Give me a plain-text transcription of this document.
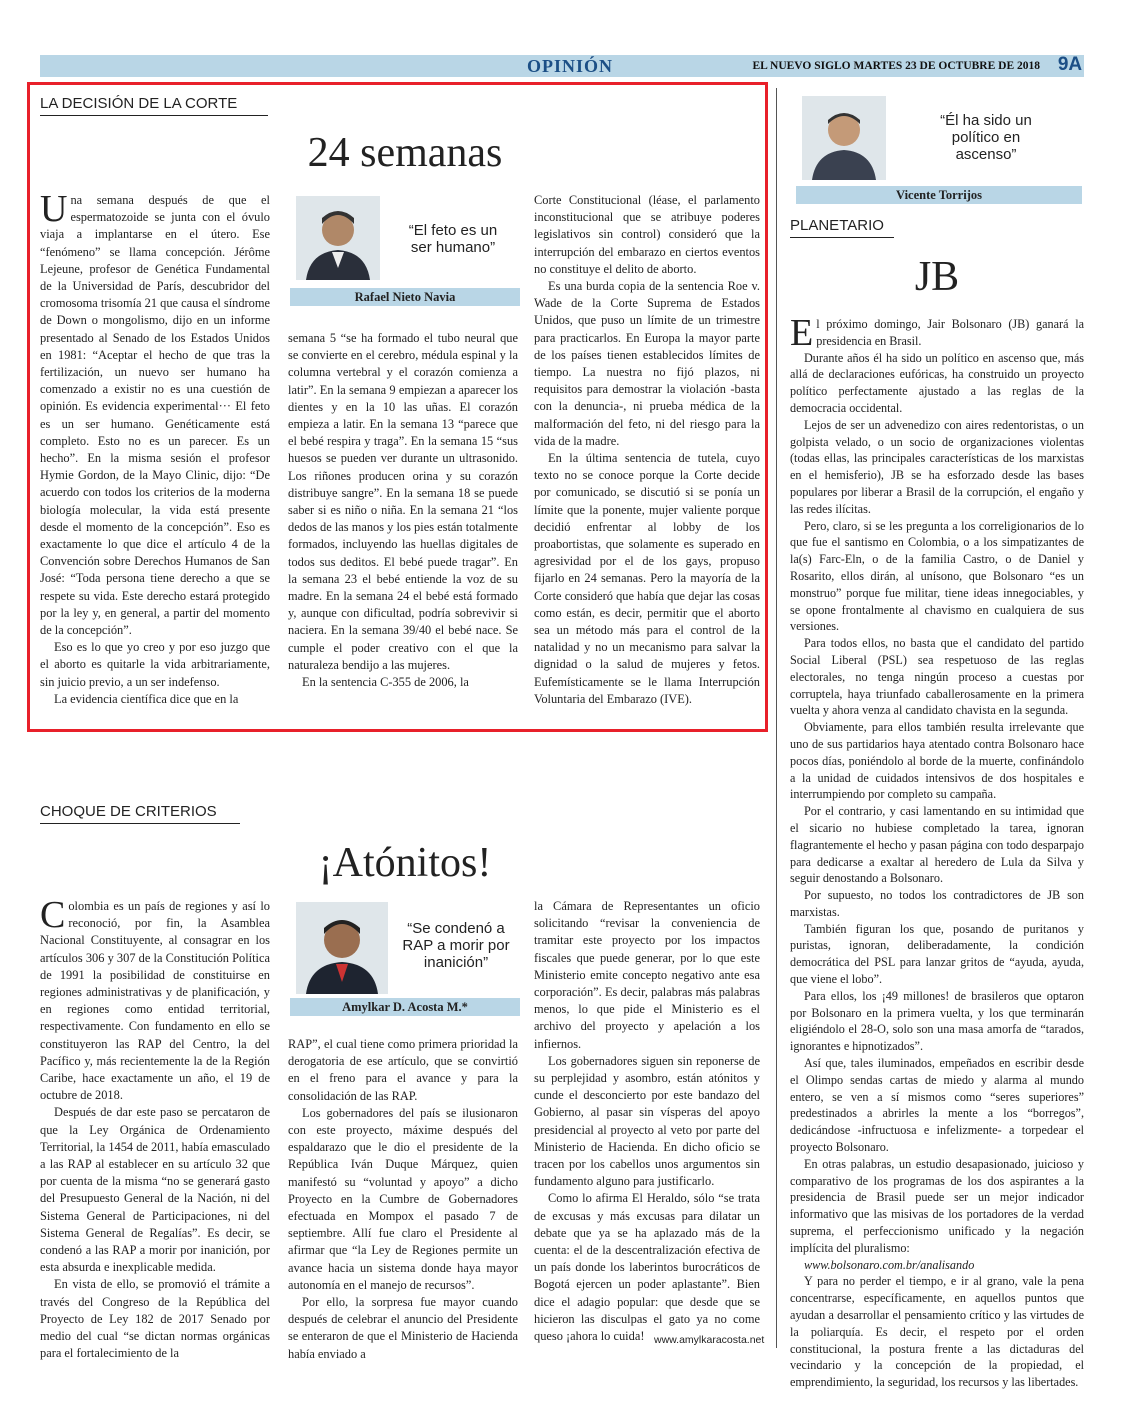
OPINIÓN	EL NUEVO SIGLO MARTES 23 DE OCTUBRE DE 2018 9A
LA DECISIÓN DE LA CORTE
24 semanas

Una semana después de que el espermatozoide se junta con el óvulo viaja a implantarse en el útero. Ese “fenómeno” se llama concepción. Jérôme Lejeune, profesor de Genética Fundamental de la Universidad de París, descubridor del cromosoma trisomía 21 que causa el síndrome de Down o mongolismo, dijo en un informe presentado al Senado de los Estados Unidos en 1981: “Aceptar el hecho de que tras la fertilización, un nuevo ser humano ha comenzado a existir no es una cuestión de opinión. Es evidencia experimental··· El feto es un ser humano. Genéticamente está completo. Esto no es un parecer. Es un hecho”. En la misma sesión el profesor Hymie Gordon, de la Mayo Clinic, dijo: “De acuerdo con todos los criterios de la moderna biología molecular, la vida está presente desde el momento de la concepción”. Eso es exactamente lo que dice el artículo 4 de la Convención sobre Derechos Humanos de San José: “Toda persona tiene derecho a que se respete su vida. Este derecho estará protegido por la ley y, en general, a partir del momento de la concepción”.

Eso es lo que yo creo y por eso juzgo que el aborto es quitarle la vida arbitrariamente, sin juicio previo, a un ser indefenso.

La evidencia científica dice que en la

“El feto es un ser humano”
Rafael Nieto Navia

semana 5 “se ha formado el tubo neural que se convierte en el cerebro, médula espinal y la columna vertebral y el corazón comienza a latir”. En la semana 9 empiezan a aparecer los dientes y en la 10 las uñas. El corazón empieza a latir. En la semana 13 “parece que el bebé respira y traga”. En la semana 15 “sus huesos se pueden ver durante un ultrasonido. Los riñones producen orina y su corazón distribuye sangre”. En la semana 18 se puede saber si es niño o niña. En la semana 21 “los dedos de las manos y los pies están totalmente formados, incluyendo las huellas digitales de todos sus deditos. El bebé puede tragar”. En la semana 23 el bebé entiende la voz de su madre. En la semana 24 el bebé está formado y, aunque con dificultad, podría sobrevivir si naciera. En la semana 39/40 el bebé nace. Se cumple el poder creativo con el que la naturaleza bendijo a las mujeres.

En la sentencia C-355 de 2006, la

Corte Constitucional (léase, el parlamento inconstitucional que se atribuye poderes legislativos sin control) consideró que la interrupción del embarazo en ciertos eventos no constituye el delito de aborto.

Es una burda copia de la sentencia Roe v. Wade de la Corte Suprema de Estados Unidos, que puso un límite de un trimestre para practicarlos. En Europa la mayor parte de los países tienen establecidos límites de tiempo. La nuestra no fijó plazos, ni requisitos para demostrar la violación -basta con la denuncia-, ni prueba médica de la malformación del feto, ni del riesgo para la vida de la madre.

En la última sentencia de tutela, cuyo texto no se conoce porque la Corte decide por comunicado, se discutió si se ponía un límite que la ponente, mujer valiente porque decidió enfrentar al lobby de los proabortistas, que solamente es superado en agresividad por el de los gays, propuso fijarlo en 24 semanas. Pero la mayoría de la Corte consideró que había que dejar las cosas como están, es decir, permitir que el aborto sea un método más para el control de la natalidad y no un mecanismo para salvar la dignidad o la salud de mujeres y fetos. Eufemísticamente se le llama Interrupción Voluntaria del Embarazo (IVE).

CHOQUE DE CRITERIOS
¡Atónitos!

Colombia es un país de regiones y así lo reconoció, por fin, la Asamblea Nacional Constituyente, al consagrar en los artículos 306 y 307 de la Constitución Política de 1991 la posibilidad de constituirse en regiones administrativas y de planificación, y en regiones como entidad territorial, respectivamente. Con fundamento en ello se constituyeron las RAP del Centro, la del Pacífico y, más recientemente la de la Región Caribe, hace exactamente un año, el 19 de octubre de 2018.

Después de dar este paso se percataron de que la Ley Orgánica de Ordenamiento Territorial, la 1454 de 2011, había emasculado a las RAP al establecer en su artículo 32 que por cuenta de la misma “no se generará gasto del Presupuesto General de la Nación, ni del Sistema General de Participaciones, ni del Sistema General de Regalías”. Es decir, se condenó a las RAP a morir por inanición, por esta absurda e inexplicable medida.

En vista de ello, se promovió el trámite a través del Congreso de la República del Proyecto de Ley 182 de 2017 Senado por medio del cual “se dictan normas orgánicas para el fortalecimiento de la

“Se condenó a RAP a morir por inanición”
Amylkar D. Acosta M.*

RAP”, el cual tiene como primera prioridad la derogatoria de ese artículo, que se convirtió en el freno para el avance y para la consolidación de las RAP.

Los gobernadores del país se ilusionaron con este proyecto, máxime después del espaldarazo que le dio el presidente de la República Iván Duque Márquez, quien manifestó su “voluntad y apoyo” a dicho Proyecto en la Cumbre de Gobernadores efectuada en Mompox el pasado 7 de septiembre. Allí fue claro el Presidente al afirmar que “la Ley de Regiones permite un avance hacia un sistema donde haya mayor autonomía en el manejo de recursos”.

Por ello, la sorpresa fue mayor cuando después de celebrar el anuncio del Presidente se enteraron de que el Ministerio de Hacienda había enviado a

la Cámara de Representantes un oficio solicitando “revisar la conveniencia de tramitar este proyecto por los impactos fiscales que puede generar, por lo que este Ministerio emite concepto negativo ante esa corporación”. Es decir, palabras más palabras menos, lo que pide el Ministerio es el archivo del proyecto y apelación a los infiernos.

Los gobernadores siguen sin reponerse de su perplejidad y asombro, están atónitos y cunde el desconcierto por este bandazo del Gobierno, al pasar sin vísperas del apoyo presidencial al proyecto al veto por parte del Ministerio de Hacienda. En dicho oficio se tracen por los cabellos unos argumentos sin fundamento alguno para justificarlo.

Como lo afirma El Heraldo, sólo “se trata de excusas y más excusas para dilatar un debate que ya se ha aplazado más de la cuenta: el de la descentralización efectiva de un país donde los laberintos burocráticos de Bogotá ejercen un poder aplastante”. Bien dice el adagio popular: que desde que se hicieron las disculpas el gato ya no come queso ¡ahora lo cuida! www.amylkaracosta.net
“Él ha sido un político en ascenso”
Vicente Torrijos
PLANETARIO
JB

El próximo domingo, Jair Bolsonaro (JB) ganará la presidencia en Brasil.

Durante años él ha sido un político en ascenso que, más allá de declaraciones eufóricas, ha construido un proyecto político perfectamente ajustado a las reglas de la democracia occidental.

Lejos de ser un advenedizo con aires redentoristas, o un golpista velado, o un socio de organizaciones violentas (todas ellas, las principales características de los marxistas en el hemisferio), JB se ha esforzado desde las bases populares por liberar a Brasil de la corrupción, el engaño y las redes ilícitas.

Pero, claro, si se les pregunta a los correligionarios de lo que fue el santismo en Colombia, o a los simpatizantes de la(s) Farc-Eln, o de la familia Castro, o de Daniel y Rosarito, ellos dirán, al unísono, que Bolsonaro “es un monstruo” porque fue militar, tiene ideas innegociables, y se opone frontalmente al chavismo en cualquiera de sus versiones.

Para todos ellos, no basta que el candidato del partido Social Liberal (PSL) sea respetuoso de las reglas electorales, no tenga ningún proceso a cuestas por corruptela, haya triunfado caballerosamente en la primera vuelta y ahora venza al candidato chavista en la segunda.

Obviamente, para ellos también resulta irrelevante que uno de sus partidarios haya atentado contra Bolsonaro hace pocos días, poniéndolo al borde de la muerte, confinándolo a la unidad de cuidados intensivos de dos hospitales e interrumpiendo por completo su campaña.

Por el contrario, y casi lamentando en su intimidad que el sicario no hubiese completado la tarea, ignoran flagrantemente el hecho y pasan página con todo desparpajo para dedicarse a exaltar al heredero de Lula da Silva y seguir denostando a Bolsonaro.

Por supuesto, no todos los contradictores de JB son marxistas.

También figuran los que, posando de puritanos y puristas, ignoran, deliberadamente, la condición democrática del PSL para lanzar gritos de “ayuda, ayuda, que viene el lobo”.

Para ellos, los ¡49 millones! de brasileros que optaron por Bolsonaro en la primera vuelta, y los que terminarán eligiéndolo el 28-O, solo son una masa amorfa de “tarados, ignorantes e hipnotizados”.

Así que, tales iluminados, empeñados en escribir desde el Olimpo sendas cartas de miedo y alarma al mundo entero, se ven a sí mismos como “seres superiores” predestinados a abrirles la mente a los “borregos”, dedicándose -infructuosa e infelizmente- a torpedear el proyecto Bolsonaro.

En otras palabras, un estudio desapasionado, juicioso y comparativo de los programas de los dos aspirantes a la presidencia de Brasil puede ser un mejor indicador informativo que las misivas de los portadores de la verdad suprema, el perfeccionismo unificado y la negación implícita del pluralismo:

www.bolsonaro.com.br/analisando

Y para no perder el tiempo, e ir al grano, vale la pena concentrarse, específicamente, en aquellos puntos que ayudan a desarrollar el pensamiento crítico y las virtudes de la poliarquía. Es decir, el respeto por el orden constitucional, la postura frente a las dictaduras del vecindario y la concepción de la propiedad, el emprendimiento, la seguridad, los recursos y las libertades.
